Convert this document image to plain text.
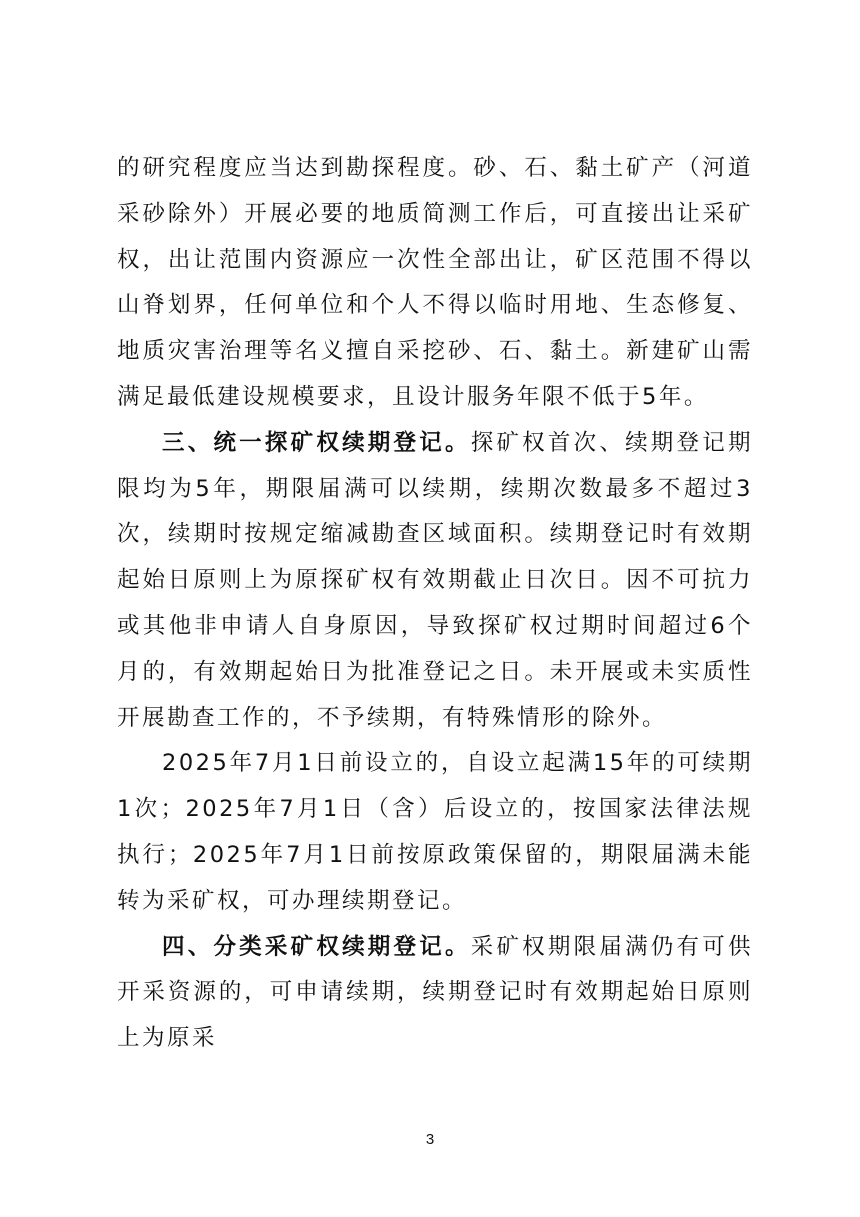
的研究程度应当达到勘探程度。砂、石、黏土矿产（河道采砂除外）开展必要的地质简测工作后，可直接出让采矿权，出让范围内资源应一次性全部出让，矿区范围不得以山脊划界，任何单位和个人不得以临时用地、生态修复、地质灾害治理等名义擅自采挖砂、石、黏土。新建矿山需满足最低建设规模要求，且设计服务年限不低于5年。

三、统一探矿权续期登记。探矿权首次、续期登记期限均为5年，期限届满可以续期，续期次数最多不超过3次，续期时按规定缩减勘查区域面积。续期登记时有效期起始日原则上为原探矿权有效期截止日次日。因不可抗力或其他非申请人自身原因，导致探矿权过期时间超过6个月的，有效期起始日为批准登记之日。未开展或未实质性开展勘查工作的，不予续期，有特殊情形的除外。

2025年7月1日前设立的，自设立起满15年的可续期1次；2025年7月1日（含）后设立的，按国家法律法规执行；2025年7月1日前按原政策保留的，期限届满未能转为采矿权，可办理续期登记。

四、分类采矿权续期登记。采矿权期限届满仍有可供开采资源的，可申请续期，续期登记时有效期起始日原则上为原采

3
